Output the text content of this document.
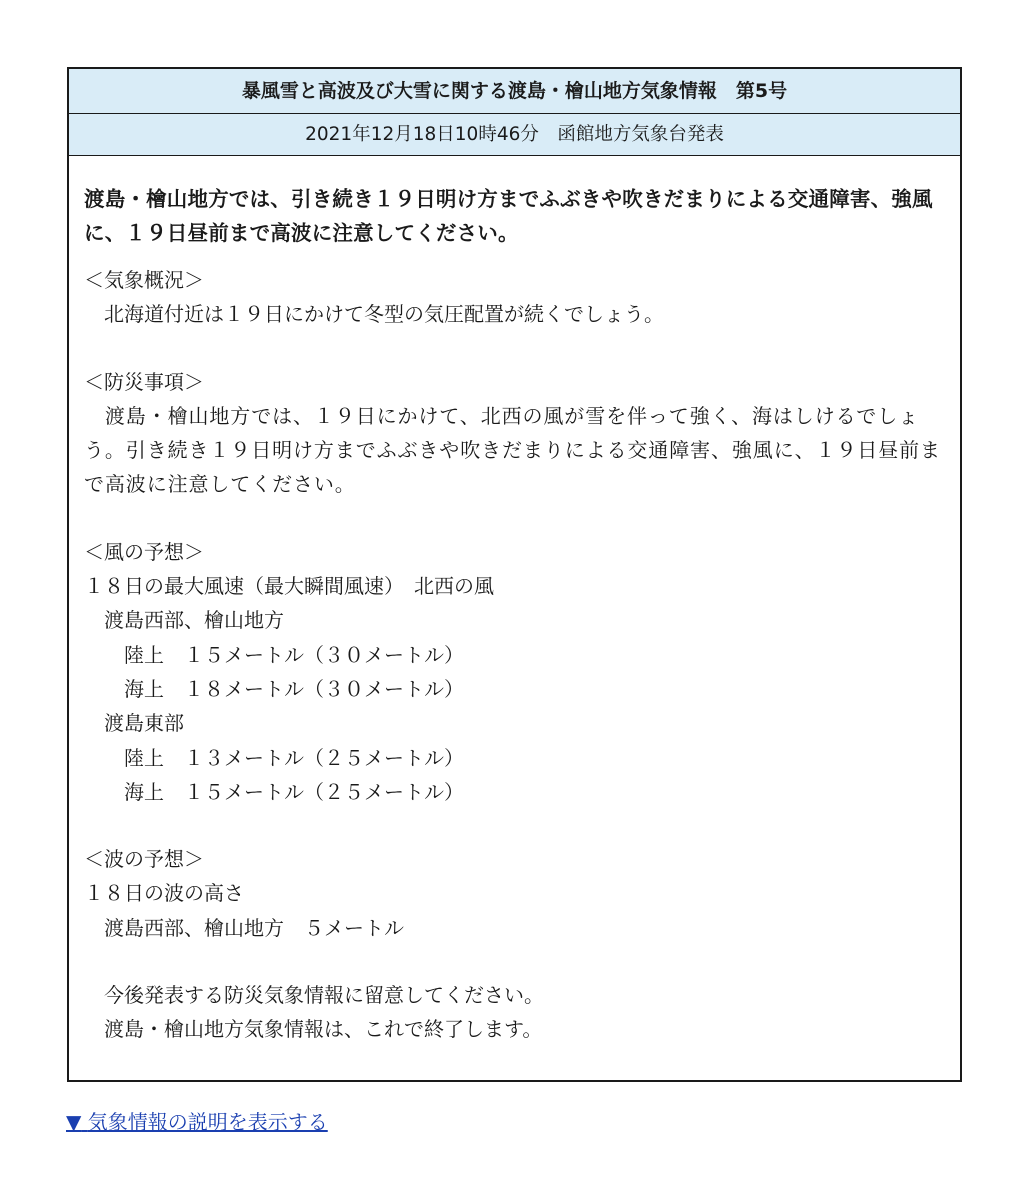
暴風雪と高波及び大雪に関する渡島・檜山地方気象情報　第5号
2021年12月18日10時46分　函館地方気象台発表

渡島・檜山地方では、引き続き１９日明け方までふぶきや吹きだまりによる交通障害、強風に、１９日昼前まで高波に注意してください。

＜気象概況＞

北海道付近は１９日にかけて冬型の気圧配置が続くでしょう。

＜防災事項＞

　渡島・檜山地方では、１９日にかけて、北西の風が雪を伴って強く、海はしけるでしょう。引き続き１９日明け方までふぶきや吹きだまりによる交通障害、強風に、１９日昼前まで高波に注意してください。

＜風の予想＞

１８日の最大風速（最大瞬間風速）　北西の風

渡島西部、檜山地方

陸上　 １５メートル（３０メートル）

海上　 １８メートル（３０メートル）

渡島東部

陸上　 １３メートル（２５メートル）

海上　 １５メートル（２５メートル）

＜波の予想＞

１８日の波の高さ

渡島西部、檜山地方　 ５メートル

今後発表する防災気象情報に留意してください。

渡島・檜山地方気象情報は、これで終了します。

▼ 気象情報の説明を表示する
